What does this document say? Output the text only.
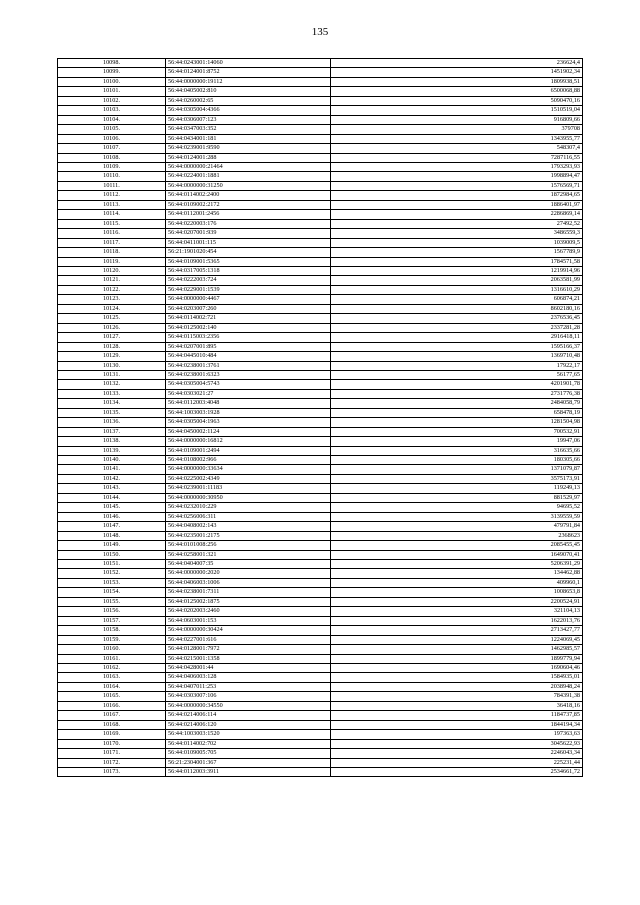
135
10098.	56:44:0243001:14060	236624,4
10099.	56:44:0124001:8752	1451902,34
10100.	56:44:0000000:19112	1809938,51
10101.	56:44:0405002:810	6500068,88
10102.	56:44:0260002:65	5090470,16
10103.	56:44:0305004:4366	1510519,04
10104.	56:44:0306007:123	916809,66
10105.	56:44:0347003:352	379708
10106.	56:44:0434001:181	1343955,77
10107.	56:44:0239001:9590	548307,4
10108.	56:44:0124001:288	7287116,55
10109.	56:44:0000000:21464	1793293,93
10110.	56:44:0224001:1881	1998894,47
10111.	56:44:0000000:31250	1576569,71
10112.	56:44:0114002:2400	1872984,65
10113.	56:44:0109002:2172	1886401,97
10114.	56:44:0112001:2456	2286869,14
10115.	56:44:0220003:176	27492,52
10116.	56:44:0207001:939	3486559,3
10117.	56:44:0411001:115	1039009,5
10118.	56:21:1901020:454	1567789,9
10119.	56:44:0109001:5365	1784571,58
10120.	56:44:0317005:1318	1219914,96
10121.	56:44:0222003:724	2063581,99
10122.	56:44:0229001:1539	1316610,29
10123.	56:44:0000000:4467	606874,21
10124.	56:44:0203007:260	8602180,16
10125.	56:44:0114002:721	2376536,45
10126.	56:44:0125002:140	2337281,28
10127.	56:44:0115003:2356	2916418,11
10128.	56:44:0207001:895	1595166,37
10129.	56:44:0445010:484	1369710,48
10130.	56:44:0238001:3761	17922,17
10131.	56:44:0238001:6323	56177,65
10132.	56:44:0305004:5743	4201901,78
10133.	56:44:0303021:27	2731776,38
10134.	56:44:0112003:4048	2484058,79
10135.	56:44:1003003:1928	658478,19
10136.	56:44:0305004:1963	1281504,98
10137.	56:44:0450002:1124	700532,91
10138.	56:44:0000000:16812	19947,06
10139.	56:44:0109001:2494	316635,66
10140.	56:44:0108002:966	180305,66
10141.	56:44:0000000:33634	1371079,87
10142.	56:44:0225002:4349	3575173,91
10143.	56:44:0239001:11183	119249,13
10144.	56:44:0000000:30950	881529,97
10145.	56:44:0232010:229	94695,52
10146.	56:44:0256006:311	3139559,59
10147.	56:44:0408002:143	479791,84
10148.	56:44:0235001:2175	2368623
10149.	56:44:0101008:256	2085455,45
10150.	56:44:0258001:321	1649070,41
10151.	56:44:0404007:35	5206391,29
10152.	56:44:0000000:2020	134462,88
10153.	56:44:0406003:1006	409960,1
10154.	56:44:0238001:7311	1008653,8
10155.	56:44:0125002:1875	2200524,91
10156.	56:44:0202003:2460	321104,13
10157.	56:44:0603001:153	1622013,76
10158.	56:44:0000000:30424	2713427,77
10159.	56:44:0227001:616	1224069,45
10160.	56:44:0128001:7972	1462985,57
10161.	56:44:0215001:1358	1899779,94
10162.	56:44:0428001:44	1690604,46
10163.	56:44:0406003:128	1584935,01
10164.	56:44:0407011:253	2038948,24
10165.	56:44:0303007:106	784391,38
10166.	56:44:0000000:34550	36418,16
10167.	56:44:0214006:114	1184737,85
10168.	56:44:0214006:120	1844194,34
10169.	56:44:1003003:1520	197363,63
10170.	56:44:0114002:702	3045622,93
10171.	56:44:0109005:705	2246043,34
10172.	56:21:2304001:367	225231,44
10173.	56:44:0112003:3911	2534661,72
